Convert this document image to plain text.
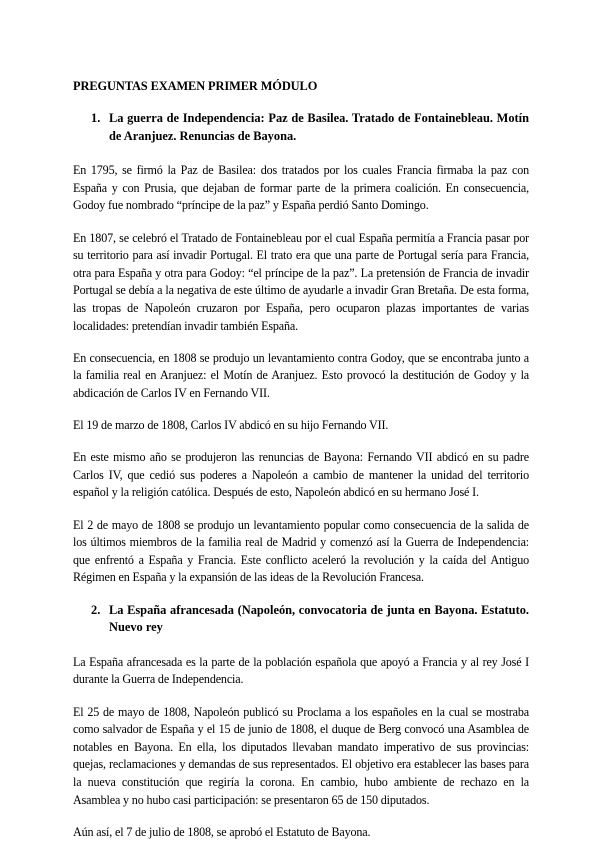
PREGUNTAS EXAMEN PRIMER MÓDULO
1. La guerra de Independencia: Paz de Basilea. Tratado de Fontainebleau. Motín de Aranjuez. Renuncias de Bayona.

En 1795, se firmó la Paz de Basilea: dos tratados por los cuales Francia firmaba la paz con España y con Prusia, que dejaban de formar parte de la primera coalición. En consecuencia, Godoy fue nombrado “príncipe de la paz” y España perdió Santo Domingo.

En 1807, se celebró el Tratado de Fontainebleau por el cual España permitía a Francia pasar por su territorio para así invadir Portugal. El trato era que una parte de Portugal sería para Francia, otra para España y otra para Godoy: “el príncipe de la paz”. La pretensión de Francia de invadir Portugal se debía a la negativa de este último de ayudarle a invadir Gran Bretaña. De esta forma, las tropas de Napoleón cruzaron por España, pero ocuparon plazas importantes de varias localidades: pretendían invadir también España.

En consecuencia, en 1808 se produjo un levantamiento contra Godoy, que se encontraba junto a la familia real en Aranjuez: el Motín de Aranjuez. Esto provocó la destitución de Godoy y la abdicación de Carlos IV en Fernando VII.

El 19 de marzo de 1808, Carlos IV abdicó en su hijo Fernando VII.

En este mismo año se produjeron las renuncias de Bayona: Fernando VII abdicó en su padre Carlos IV, que cedió sus poderes a Napoleón a cambio de mantener la unidad del territorio español y la religión católica. Después de esto, Napoleón abdicó en su hermano José I.

El 2 de mayo de 1808 se produjo un levantamiento popular como consecuencia de la salida de los últimos miembros de la familia real de Madrid y comenzó así la Guerra de Independencia: que enfrentó a España y Francia. Este conflicto aceleró la revolución y la caída del Antiguo Régimen en España y la expansión de las ideas de la Revolución Francesa.

2. La España afrancesada (Napoleón, convocatoria de junta en Bayona. Estatuto. Nuevo rey

La España afrancesada es la parte de la población española que apoyó a Francia y al rey José I durante la Guerra de Independencia.

El 25 de mayo de 1808, Napoleón publicó su Proclama a los españoles en la cual se mostraba como salvador de España y el 15 de junio de 1808, el duque de Berg convocó una Asamblea de notables en Bayona. En ella, los diputados llevaban mandato imperativo de sus provincias: quejas, reclamaciones y demandas de sus representados. El objetivo era establecer las bases para la nueva constitución que regiría la corona. En cambio, hubo ambiente de rechazo en la Asamblea y no hubo casi participación: se presentaron 65 de 150 diputados.

Aún así, el 7 de julio de 1808, se aprobó el Estatuto de Bayona.
